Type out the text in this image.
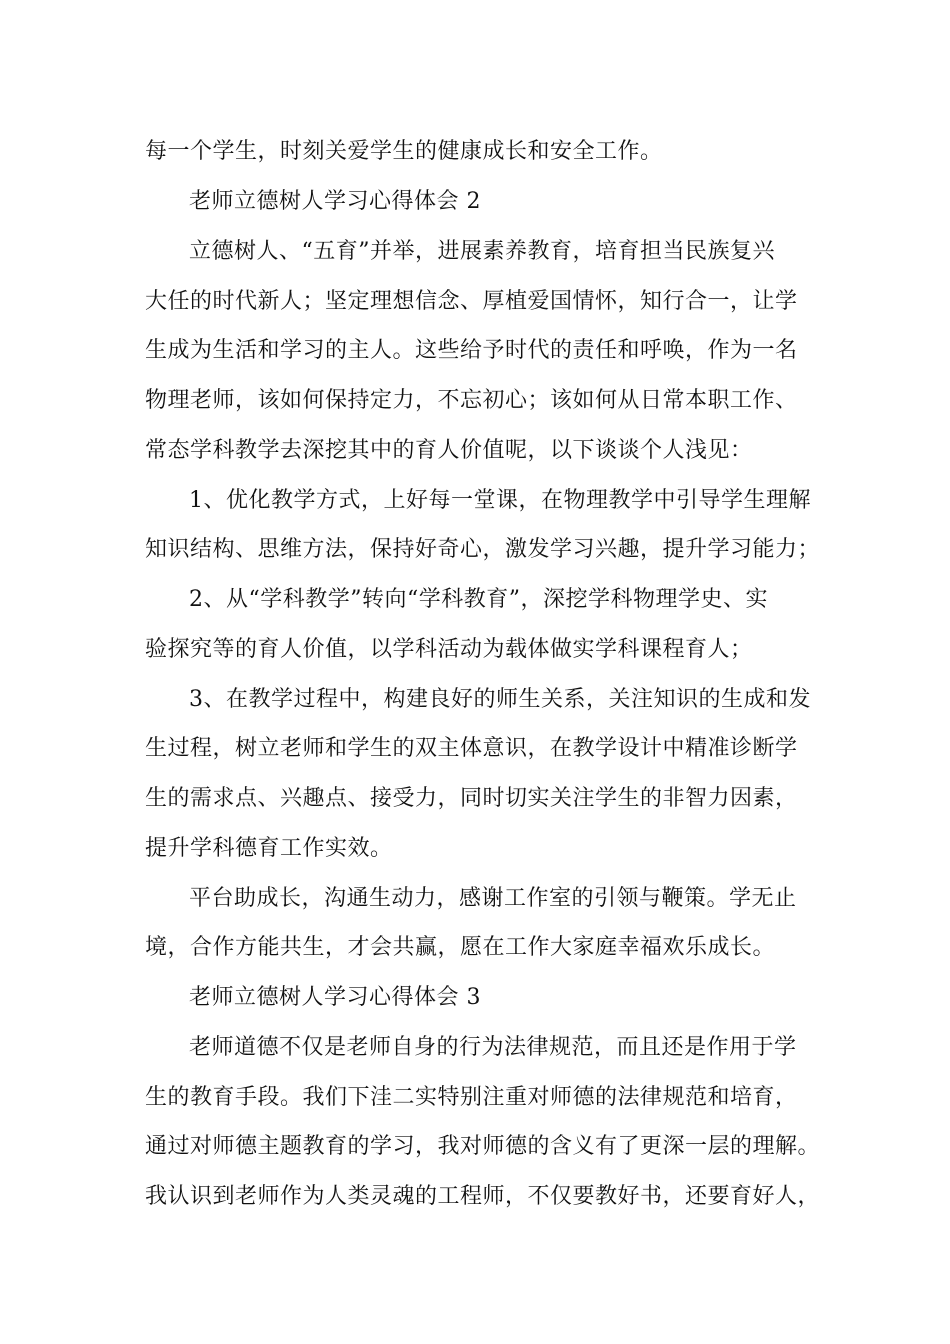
每一个学生，时刻关爱学生的健康成长和安全工作。
老师立德树人学习心得体会 2
立德树人、“五育”并举，进展素养教育，培育担当民族复兴
大任的时代新人；坚定理想信念、厚植爱国情怀，知行合一，让学
生成为生活和学习的主人。这些给予时代的责任和呼唤，作为一名
物理老师，该如何保持定力，不忘初心；该如何从日常本职工作、
常态学科教学去深挖其中的育人价值呢，以下谈谈个人浅见：
1、优化教学方式，上好每一堂课，在物理教学中引导学生理解
知识结构、思维方法，保持好奇心，激发学习兴趣，提升学习能力；
2、从“学科教学”转向“学科教育”，深挖学科物理学史、实
验探究等的育人价值，以学科活动为载体做实学科课程育人；
3、在教学过程中，构建良好的师生关系，关注知识的生成和发
生过程，树立老师和学生的双主体意识，在教学设计中精准诊断学
生的需求点、兴趣点、接受力，同时切实关注学生的非智力因素，
提升学科德育工作实效。
平台助成长，沟通生动力，感谢工作室的引领与鞭策。学无止
境，合作方能共生，才会共赢，愿在工作大家庭幸福欢乐成长。
老师立德树人学习心得体会 3
老师道德不仅是老师自身的行为法律规范，而且还是作用于学
生的教育手段。我们下洼二实特别注重对师德的法律规范和培育，
通过对师德主题教育的学习，我对师德的含义有了更深一层的理解。
我认识到老师作为人类灵魂的工程师，不仅要教好书，还要育好人，
